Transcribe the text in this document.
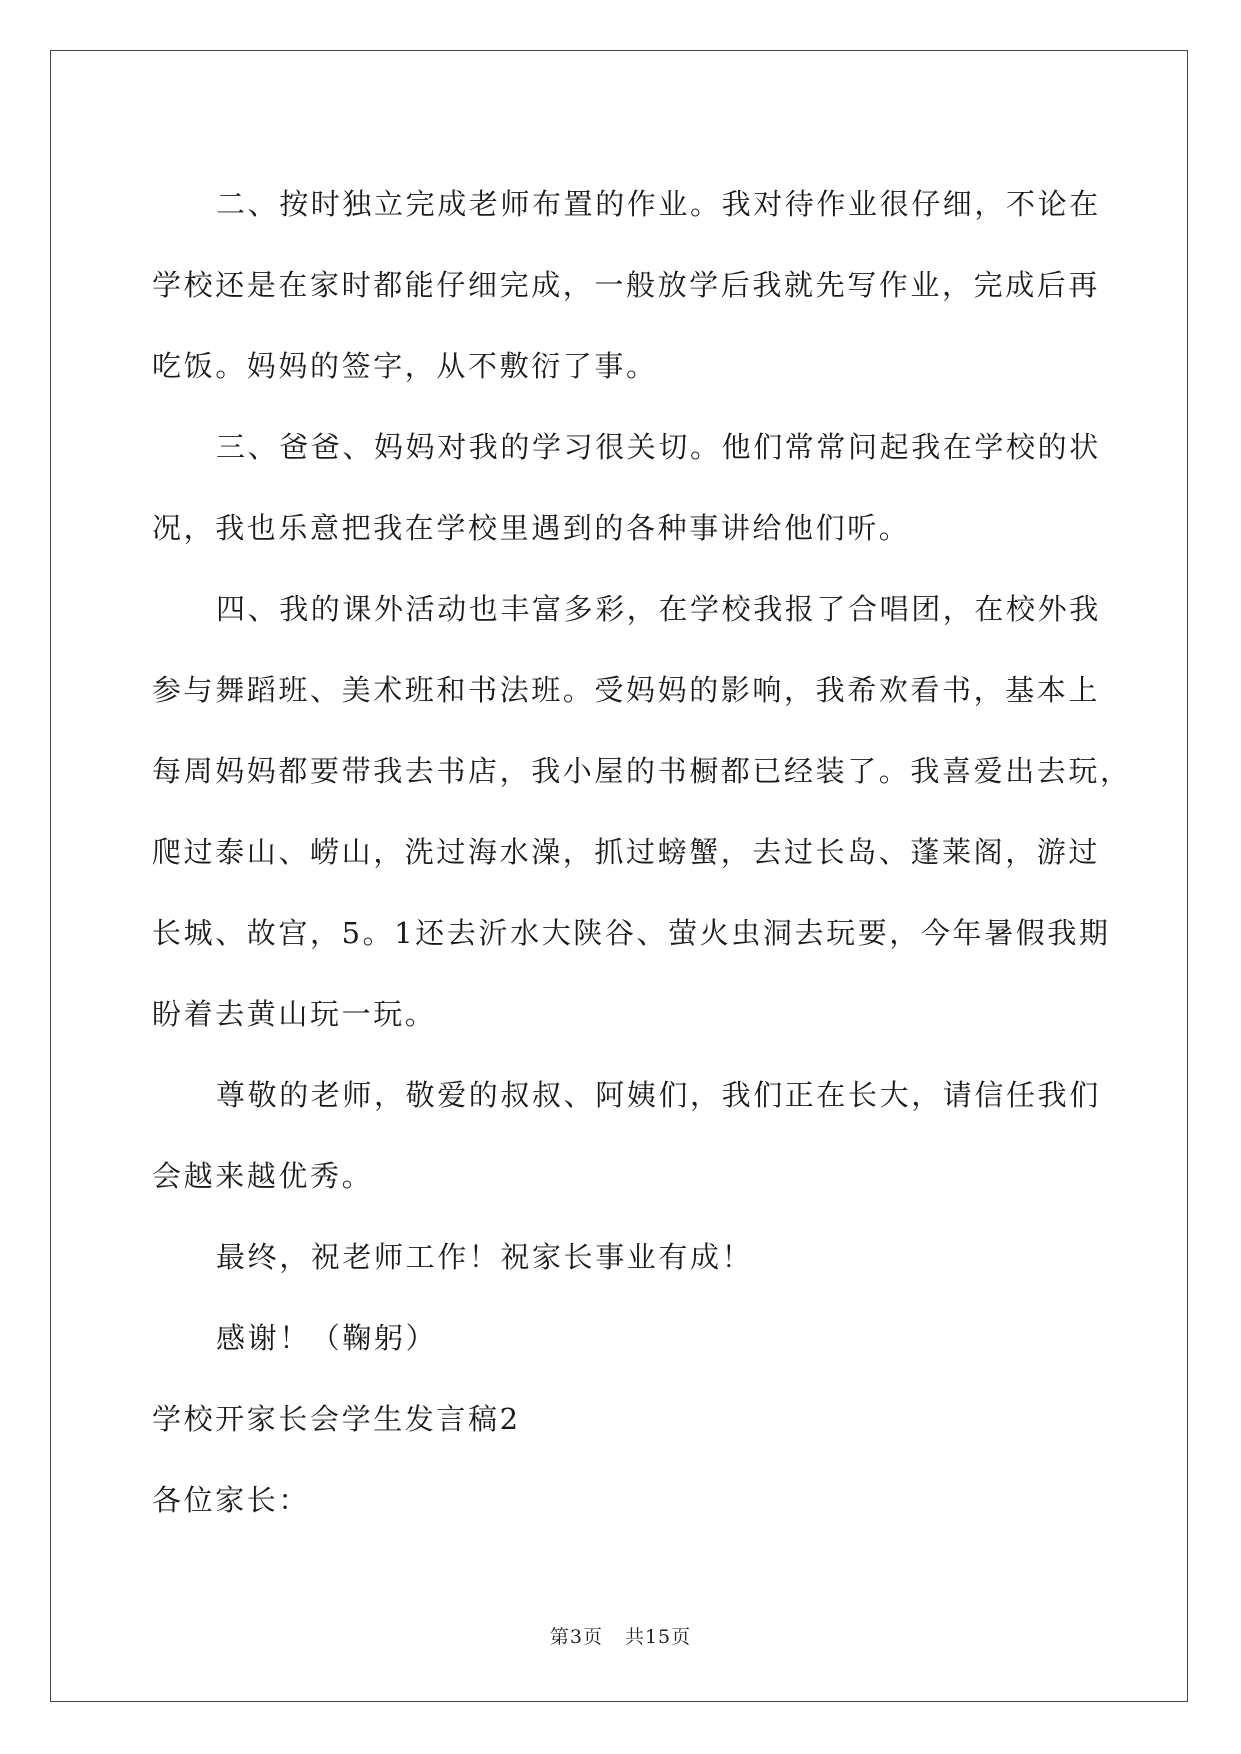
二、按时独立完成老师布置的作业。我对待作业很仔细，不论在
学校还是在家时都能仔细完成，一般放学后我就先写作业，完成后再
吃饭。妈妈的签字，从不敷衍了事。

三、爸爸、妈妈对我的学习很关切。他们常常问起我在学校的状
况，我也乐意把我在学校里遇到的各种事讲给他们听。

四、我的课外活动也丰富多彩，在学校我报了合唱团，在校外我
参与舞蹈班、美术班和书法班。受妈妈的影响，我希欢看书，基本上
每周妈妈都要带我去书店，我小屋的书橱都已经装了。我喜爱出去玩，
爬过泰山、崂山，洗过海水澡，抓过螃蟹，去过长岛、蓬莱阁，游过
长城、故宫，5。1还去沂水大陕谷、萤火虫洞去玩要，今年暑假我期
盼着去黄山玩一玩。

尊敬的老师，敬爱的叔叔、阿姨们，我们正在长大，请信任我们
会越来越优秀。

最终，祝老师工作！祝家长事业有成！

感谢！（鞠躬）

学校开家长会学生发言稿2

各位家长：

第3页 共15页
